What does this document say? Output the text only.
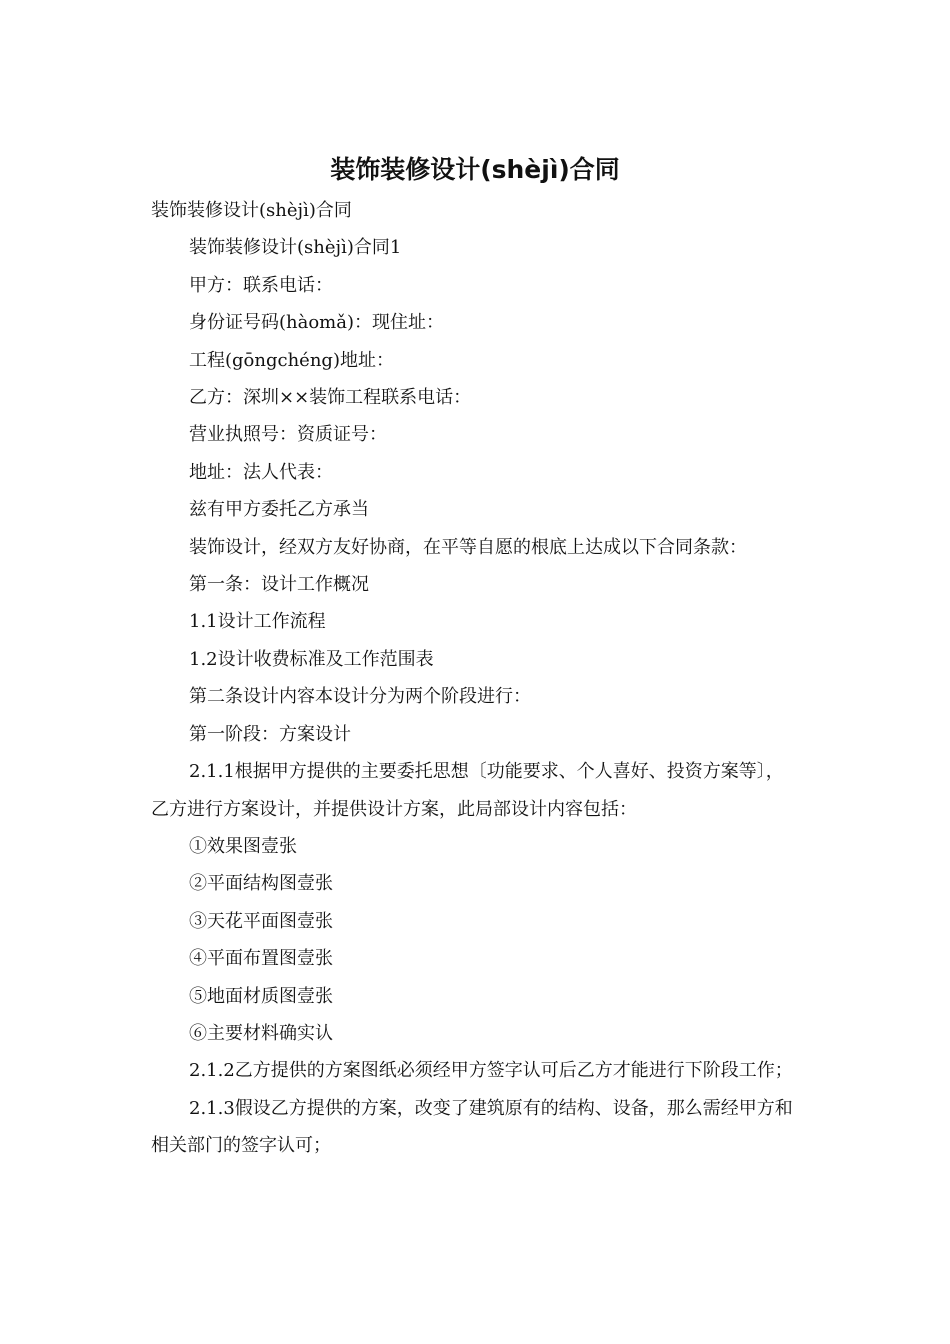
装饰装修设计(shèjì)合同

装饰装修设计(shèjì)合同

装饰装修设计(shèjì)合同1

甲方：联系电话：

身份证号码(hàomǎ)：现住址：

工程(gōngchéng)地址：

乙方：深圳××装饰工程联系电话：

营业执照号：资质证号：

地址：法人代表：

兹有甲方委托乙方承当

装饰设计，经双方友好协商，在平等自愿的根底上达成以下合同条款：

第一条：设计工作概况

1.1设计工作流程

1.2设计收费标准及工作范围表

第二条设计内容本设计分为两个阶段进行：

第一阶段：方案设计

2.1.1根据甲方提供的主要委托思想〔功能要求、个人喜好、投资方案等〕，乙方进行方案设计，并提供设计方案，此局部设计内容包括：

①效果图壹张

②平面结构图壹张

③天花平面图壹张

④平面布置图壹张

⑤地面材质图壹张

⑥主要材料确实认

2.1.2乙方提供的方案图纸必须经甲方签字认可后乙方才能进行下阶段工作；

2.1.3假设乙方提供的方案，改变了建筑原有的结构、设备，那么需经甲方和相关部门的签字认可；
